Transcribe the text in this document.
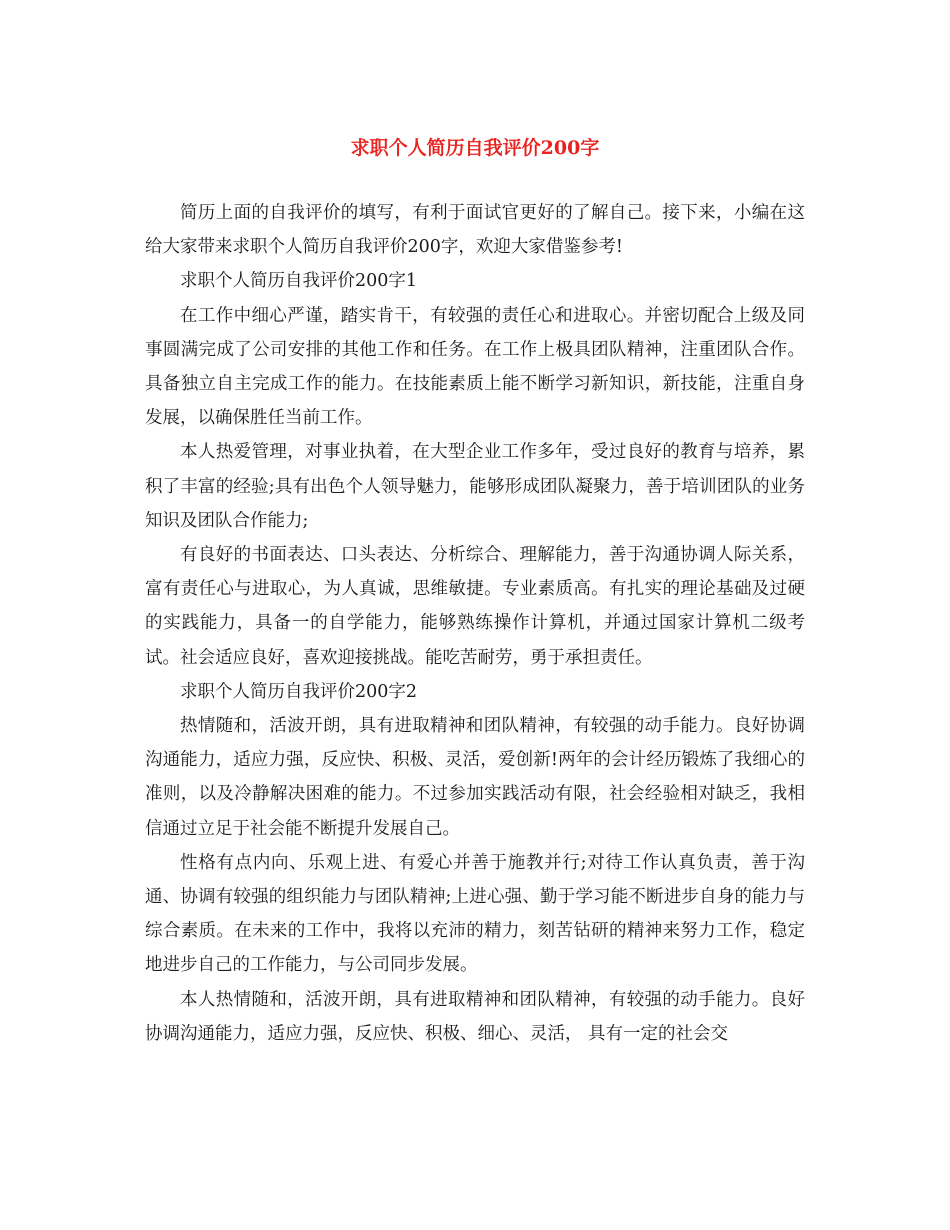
求职个人简历自我评价200字

简历上面的自我评价的填写，有利于面试官更好的了解自己。接下来，小编在这给大家带来求职个人简历自我评价200字，欢迎大家借鉴参考!

求职个人简历自我评价200字1

在工作中细心严谨，踏实肯干，有较强的责任心和进取心。并密切配合上级及同事圆满完成了公司安排的其他工作和任务。在工作上极具团队精神，注重团队合作。具备独立自主完成工作的能力。在技能素质上能不断学习新知识，新技能，注重自身发展，以确保胜任当前工作。

本人热爱管理，对事业执着，在大型企业工作多年，受过良好的教育与培养，累积了丰富的经验;具有出色个人领导魅力，能够形成团队凝聚力，善于培训团队的业务知识及团队合作能力;

有良好的书面表达、口头表达、分析综合、理解能力，善于沟通协调人际关系，富有责任心与进取心，为人真诚，思维敏捷。专业素质高。有扎实的理论基础及过硬的实践能力，具备一的自学能力，能够熟练操作计算机，并通过国家计算机二级考试。社会适应良好，喜欢迎接挑战。能吃苦耐劳，勇于承担责任。

求职个人简历自我评价200字2

热情随和，活波开朗，具有进取精神和团队精神，有较强的动手能力。良好协调沟通能力，适应力强，反应快、积极、灵活，爱创新!两年的会计经历锻炼了我细心的准则，以及冷静解决困难的能力。不过参加实践活动有限，社会经验相对缺乏，我相信通过立足于社会能不断提升发展自己。

性格有点内向、乐观上进、有爱心并善于施教并行;对待工作认真负责，善于沟通、协调有较强的组织能力与团队精神;上进心强、勤于学习能不断进步自身的能力与综合素质。在未来的工作中，我将以充沛的精力，刻苦钻研的精神来努力工作，稳定地进步自己的工作能力，与公司同步发展。

本人热情随和，活波开朗，具有进取精神和团队精神，有较强的动手能力。良好协调沟通能力，适应力强，反应快、积极、细心、灵活， 具有一定的社会交
